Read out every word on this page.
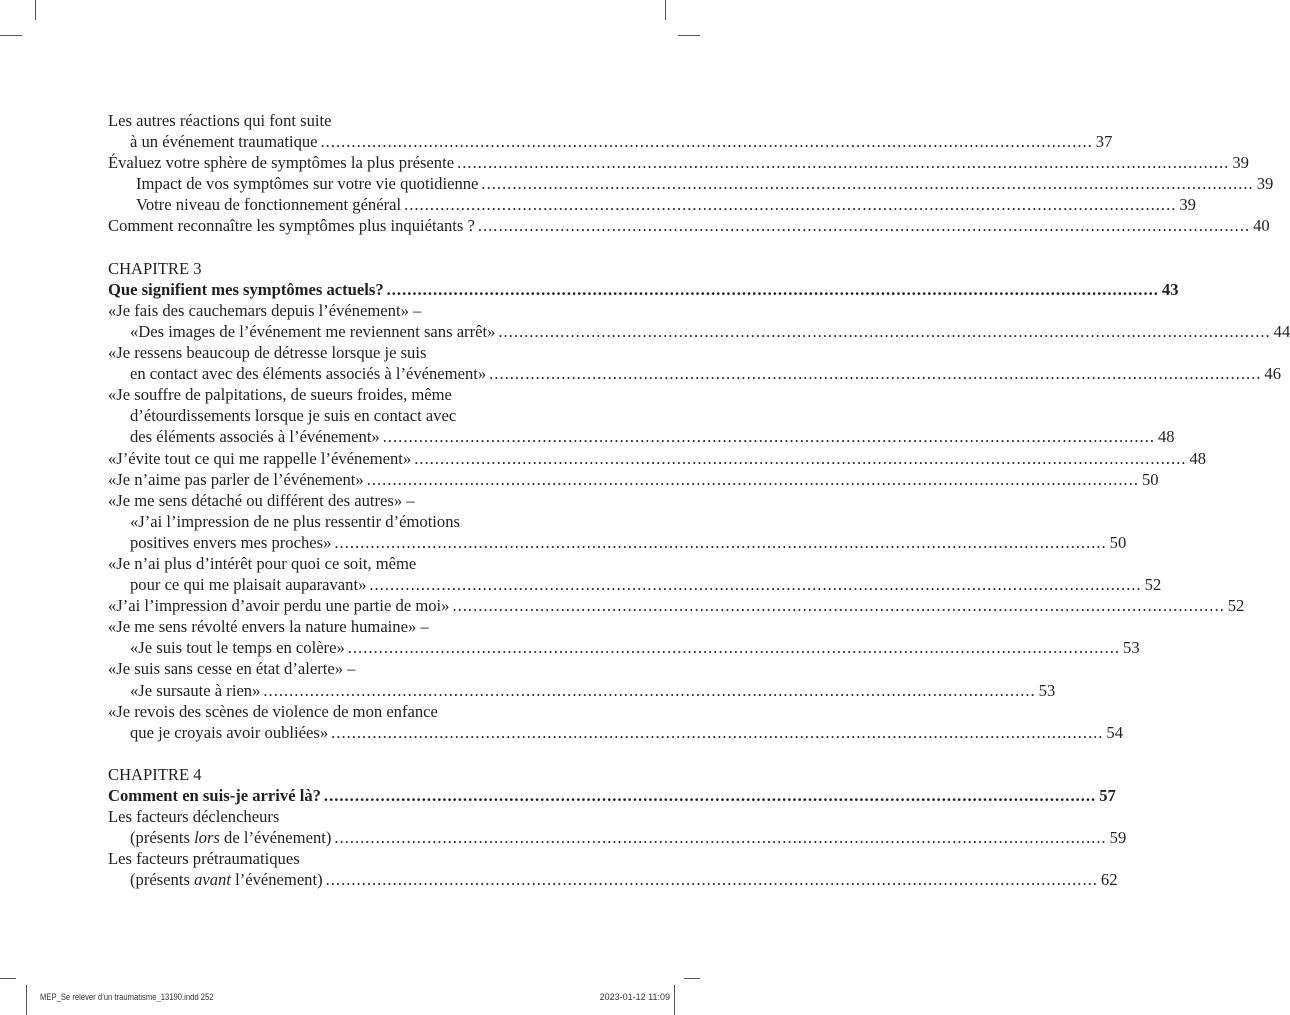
Les autres réactions qui font suite
à un événement traumatique ...................................................................................................................................................... 37
Évaluez votre sphère de symptômes la plus présente ...................................................................................................................................................... 39
Impact de vos symptômes sur votre vie quotidienne ...................................................................................................................................................... 39
Votre niveau de fonctionnement général ...................................................................................................................................................... 39
Comment reconnaître les symptômes plus inquiétants ? ...................................................................................................................................................... 40
CHAPITRE 3
Que signifient mes symptômes actuels? ...................................................................................................................................................... 43
«Je fais des cauchemars depuis l’événement» –
«Des images de l’événement me reviennent sans arrêt» ...................................................................................................................................................... 44
«Je ressens beaucoup de détresse lorsque je suis
en contact avec des éléments associés à l’événement» ...................................................................................................................................................... 46
«Je souffre de palpitations, de sueurs froides, même
d’étourdissements lorsque je suis en contact avec
des éléments associés à l’événement» ...................................................................................................................................................... 48
«J’évite tout ce qui me rappelle l’événement» ...................................................................................................................................................... 48
«Je n’aime pas parler de l’événement» ...................................................................................................................................................... 50
«Je me sens détaché ou différent des autres» –
«J’ai l’impression de ne plus ressentir d’émotions
positives envers mes proches» ...................................................................................................................................................... 50
«Je n’ai plus d’intérêt pour quoi ce soit, même
pour ce qui me plaisait auparavant» ...................................................................................................................................................... 52
«J’ai l’impression d’avoir perdu une partie de moi» ...................................................................................................................................................... 52
«Je me sens révolté envers la nature humaine» –
«Je suis tout le temps en colère» ...................................................................................................................................................... 53
«Je suis sans cesse en état d’alerte» –
«Je sursaute à rien» ...................................................................................................................................................... 53
«Je revois des scènes de violence de mon enfance
que je croyais avoir oubliées» ...................................................................................................................................................... 54
CHAPITRE 4
Comment en suis-je arrivé là? ...................................................................................................................................................... 57
Les facteurs déclencheurs
(présents lors de l’événement) ...................................................................................................................................................... 59
Les facteurs prétraumatiques
(présents avant l’événement) ...................................................................................................................................................... 62
MEP_Se relever d’un traumatisme_13190.indd 252	2023-01-12 11:09
